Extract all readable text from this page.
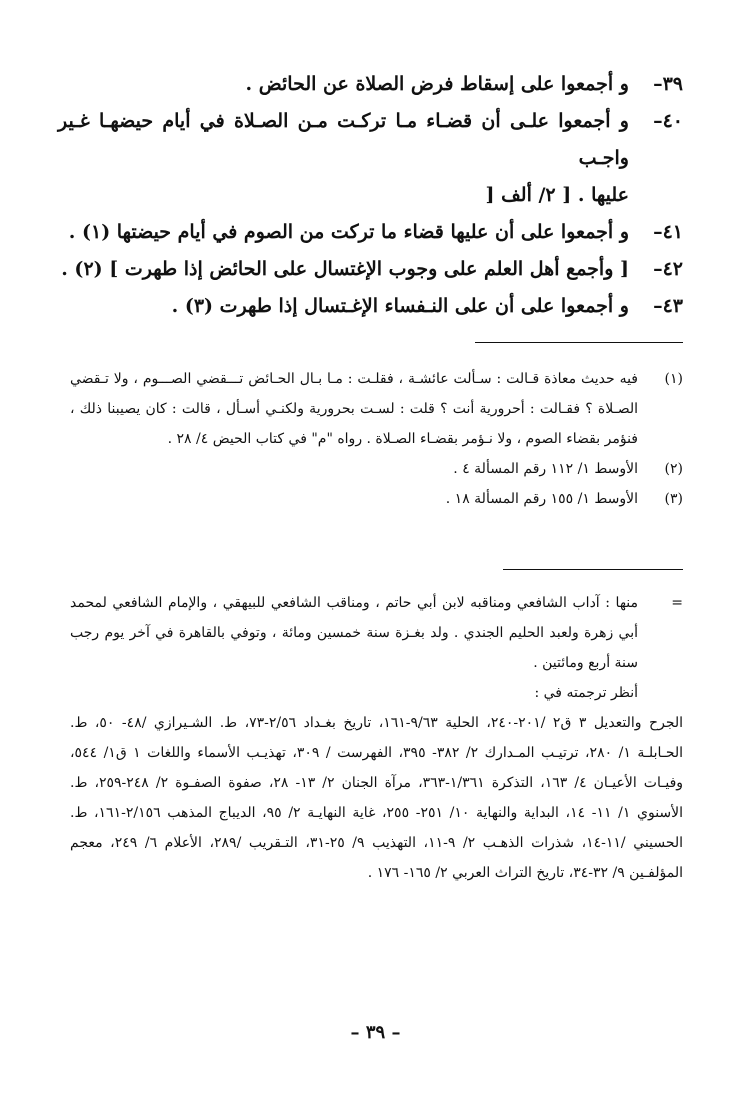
٣٩–
و أجمعوا على إسقاط فرض الصلاة عن الحائض .
٤٠–
و أجمعوا علـى أن قضـاء مـا تركـت مـن الصـلاة في أيام حيضهـا غـير واجـب
عليها . [ ٢/ ألف [
٤١–
و أجمعوا على أن عليها قضاء ما تركت من الصوم في أيام حيضتها (١) .
٤٢–
[ وأجمع أهل العلم على وجوب الإغتسال على الحائض إذا طهرت ] (٢) .
٤٣–
و أجمعوا على أن على النـفساء الإغـتسال إذا طهرت (٣) .
(١)
فيه حديث معاذة قـالت : سـألت عائشـة ، فقلـت : مـا بـال الحـائض تـــقضي الصـــوم ، ولا تـقضي الصـلاة ؟ فقـالت : أحرورية أنت ؟ قلت : لسـت بحرورية ولكنـي أسـأل ، قالت : كان يصيبنا ذلك ، فنؤمر بقضاء الصوم ، ولا نـؤمر بقضـاء الصـلاة . رواه "م" في كتاب الحيض ٤/ ٢٨ .
(٢)
الأوسط ١/ ١١٢ رقم المسألة ٤ .
(٣)
الأوسط ١/ ١٥٥ رقم المسألة ١٨ .
=
منها : آداب الشافعي ومناقبه لابن أبي حاتم ، ومناقب الشافعي للبيهقي ، والإمام الشافعي لمحمد أبي زهرة ولعبد الحليم الجندي . ولد بغـزة سنة خمسين ومائة ، وتوفي بالقاهرة في آخر يوم رجب سنة أربع ومائتين .
أنظر ترجمته في :
الجرح والتعديل ٣ ق٢ /٢٠١-٢٤٠، الحلية ٩/٦٣-١٦١، تاريخ بغـداد ٢/٥٦-٧٣، ط. الشـيرازي /٤٨- ٥٠، ط. الحـابلـة ١/ ٢٨٠، ترتيـب المـدارك ٢/ ٣٨٢- ٣٩٥، الفهرست / ٣٠٩، تهذيـب الأسماء واللغات ١ ق١/ ٥٤٤، وفيـات الأعيـان ٤/ ١٦٣، التذكرة ١/٣٦١-٣٦٣، مرآة الجنان ٢/ ١٣- ٢٨، صفوة الصفـوة ٢/ ٢٤٨-٢٥٩، ط. الأسنوي ١/ ١١- ١٤، البداية والنهاية ١٠/ ٢٥١- ٢٥٥، غاية النهايـة ٢/ ٩٥، الديباج المذهب ٢/١٥٦-١٦١، ط. الحسيني /١١-١٤، شذرات الذهـب ٢/ ٩-١١، التهذيب ٩/ ٢٥-٣١، التـقريب /٢٨٩، الأعلام ٦/ ٢٤٩، معجم المؤلفـين ٩/ ٣٢-٣٤، تاريخ التراث العربي ٢/ ١٦٥- ١٧٦ .
– ٣٩ –
